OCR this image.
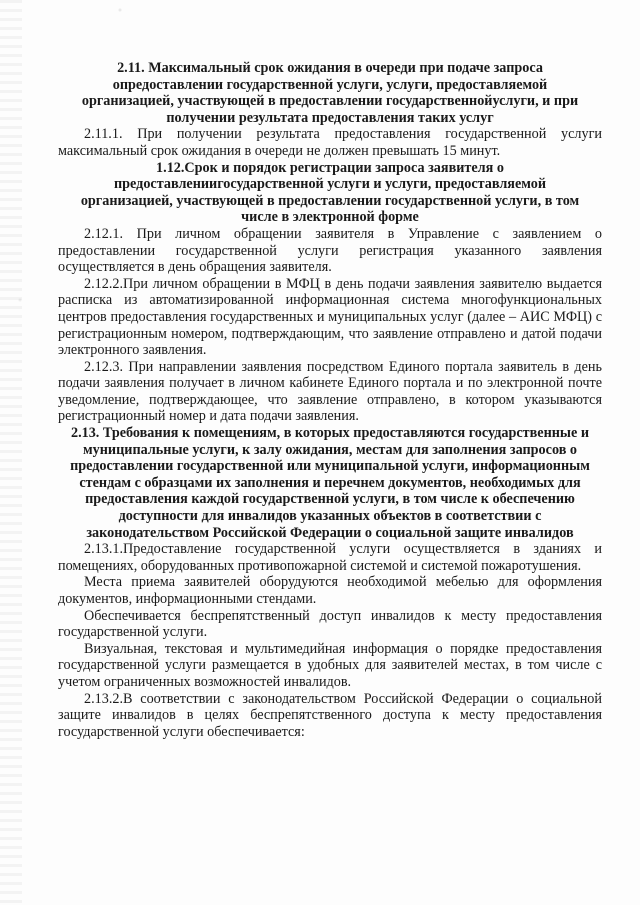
2.11. Максимальный срок ожидания в очереди при подаче запроса опредоставлении государственной услуги, услуги, предоставляемой организацией, участвующей в предоставлении государственнойуслуги, и при получении результата предоставления таких услуг

2.11.1. При получении результата предоставления государственной услуги максимальный срок ожидания в очереди не должен превышать 15 минут.

1.12.Срок и порядок регистрации запроса заявителя о предоставлениигосударственной услуги и услуги, предоставляемой организацией, участвующей в предоставлении государственной услуги, в том числе в электронной форме

2.12.1. При личном обращении заявителя в Управление с заявлением о предоставлении государственной услуги регистрация указанного заявления осуществляется в день обращения заявителя.

2.12.2.При личном обращении в МФЦ в день подачи заявления заявителю выдается расписка из автоматизированной информационная система многофункциональных центров предоставления государственных и муниципальных услуг (далее – АИС МФЦ) с регистрационным номером, подтверждающим, что заявление отправлено и датой подачи электронного заявления.

2.12.3. При направлении заявления посредством Единого портала заявитель в день подачи заявления получает в личном кабинете Единого портала и по электронной почте уведомление, подтверждающее, что заявление отправлено, в котором указываются регистрационный номер и дата подачи заявления.

2.13. Требования к помещениям, в которых предоставляются государственные и муниципальные услуги, к залу ожидания, местам для заполнения запросов о предоставлении государственной или муниципальной услуги, информационным стендам с образцами их заполнения и перечнем документов, необходимых для предоставления каждой государственной услуги, в том числе к обеспечению доступности для инвалидов указанных объектов в соответствии с законодательством Российской Федерации о социальной защите инвалидов

2.13.1.Предоставление государственной услуги осуществляется в зданиях и помещениях, оборудованных противопожарной системой и системой пожаротушения.

Места приема заявителей оборудуются необходимой мебелью для оформления документов, информационными стендами.

Обеспечивается беспрепятственный доступ инвалидов к месту предоставления государственной услуги.

Визуальная, текстовая и мультимедийная информация о порядке предоставления государственной услуги размещается в удобных для заявителей местах, в том числе с учетом ограниченных возможностей инвалидов.

2.13.2.В соответствии с законодательством Российской Федерации о социальной защите инвалидов в целях беспрепятственного доступа к месту предоставления государственной услуги обеспечивается:
